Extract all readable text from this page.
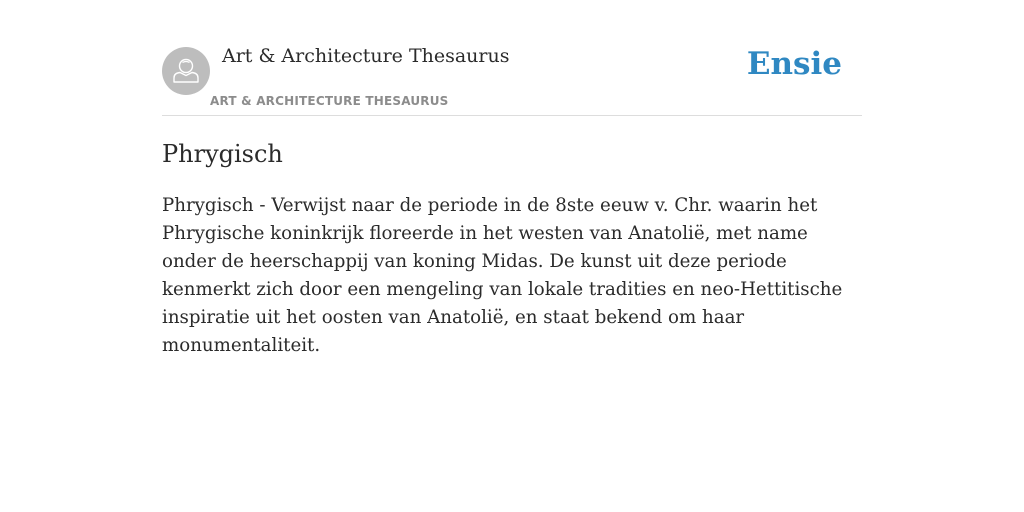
Art & Architecture Thesaurus
ART & ARCHITECTURE THESAURUS
Ensie
Phrygisch

Phrygisch - Verwijst naar de periode in de 8ste eeuw v. Chr. waarin het Phrygische koninkrijk floreerde in het westen van Anatolië, met name onder de heerschappij van koning Midas. De kunst uit deze periode kenmerkt zich door een mengeling van lokale tradities en neo-Hettitische inspiratie uit het oosten van Anatolië, en staat bekend om haar monumentaliteit.
